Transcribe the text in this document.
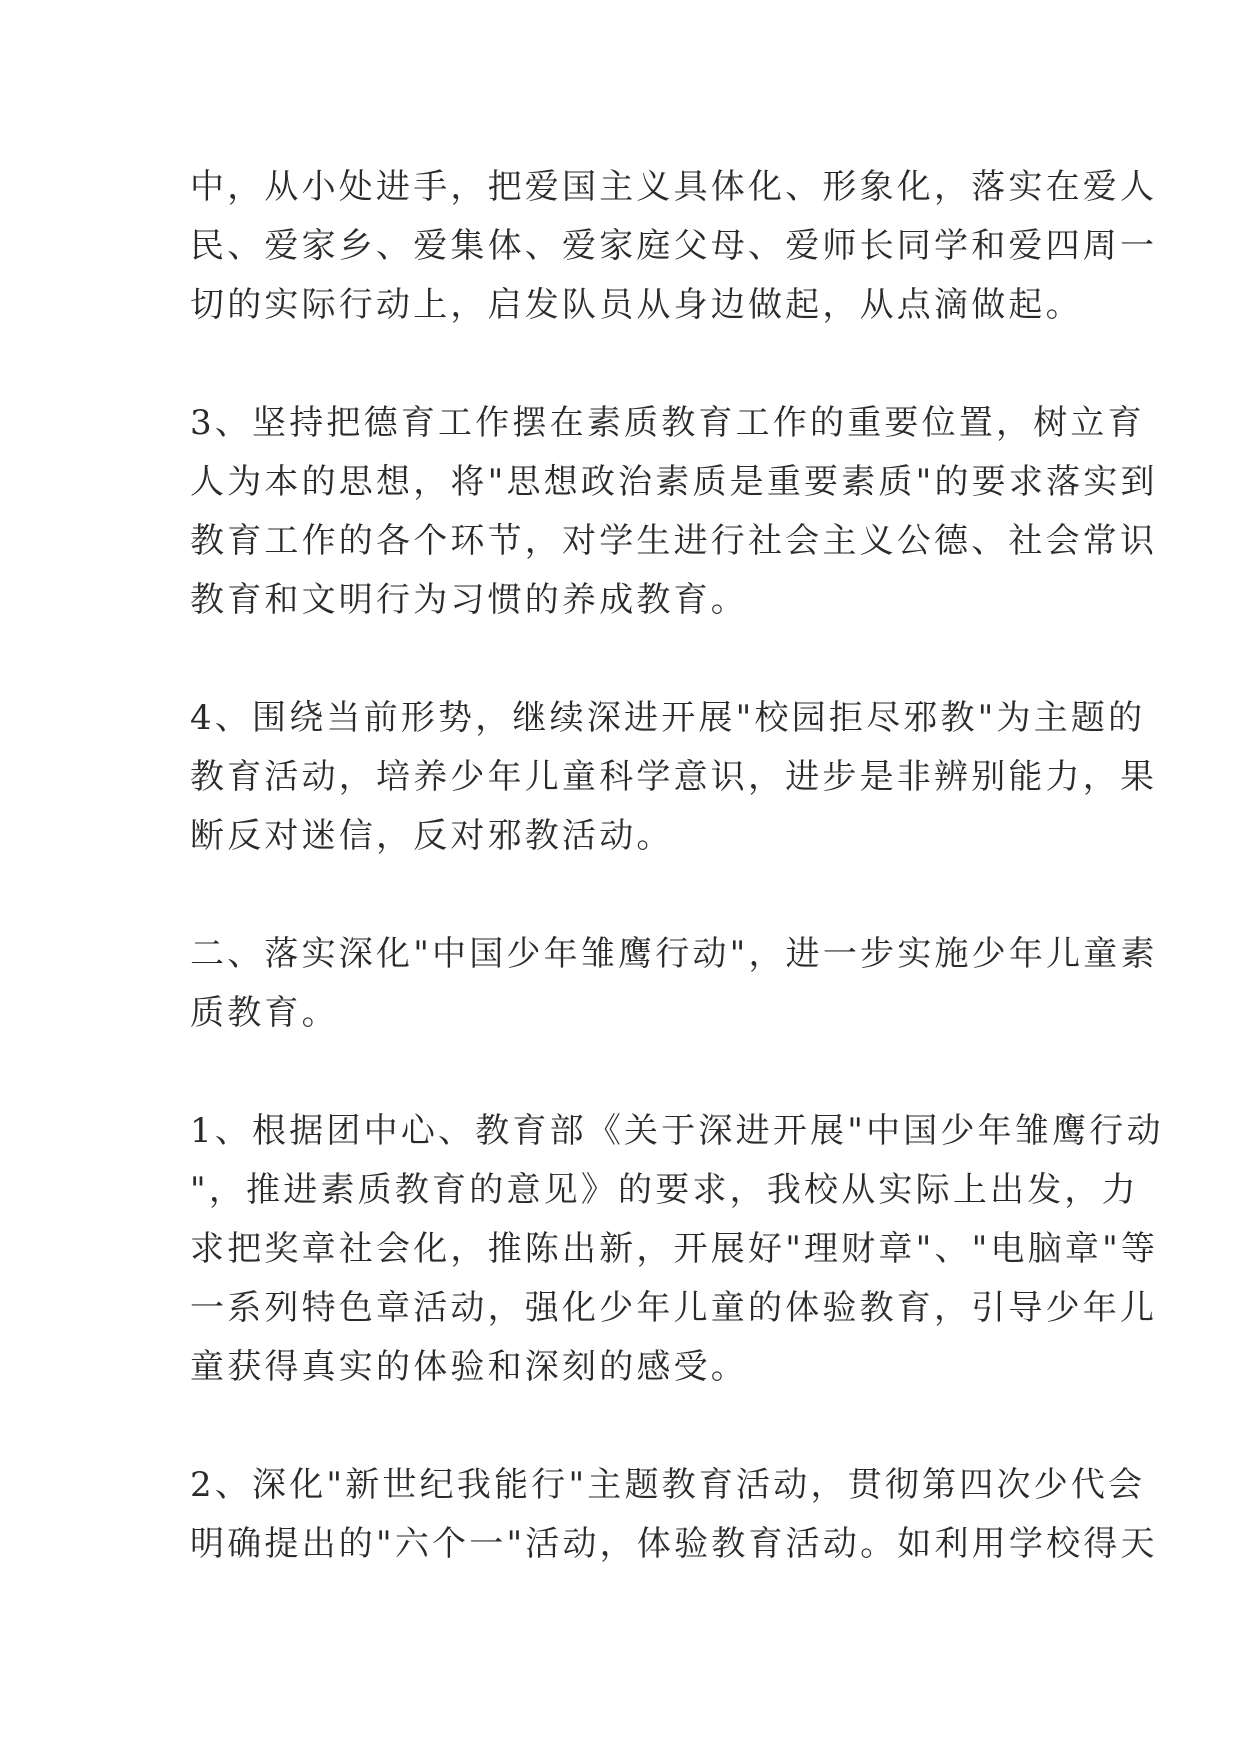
中，从小处进手，把爱国主义具体化、形象化，落实在爱人
民、爱家乡、爱集体、爱家庭父母、爱师长同学和爱四周一
切的实际行动上，启发队员从身边做起，从点滴做起。
3、坚持把德育工作摆在素质教育工作的重要位置，树立育
人为本的思想，将"思想政治素质是重要素质"的要求落实到
教育工作的各个环节，对学生进行社会主义公德、社会常识
教育和文明行为习惯的养成教育。
4、围绕当前形势，继续深进开展"校园拒尽邪教"为主题的
教育活动，培养少年儿童科学意识，进步是非辨别能力，果
断反对迷信，反对邪教活动。
二、落实深化"中国少年雏鹰行动"，进一步实施少年儿童素
质教育。
1、根据团中心、教育部《关于深进开展"中国少年雏鹰行动
"，推进素质教育的意见》的要求，我校从实际上出发，力
求把奖章社会化，推陈出新，开展好"理财章"、"电脑章"等
一系列特色章活动，强化少年儿童的体验教育，引导少年儿
童获得真实的体验和深刻的感受。
2、深化"新世纪我能行"主题教育活动，贯彻第四次少代会
明确提出的"六个一"活动，体验教育活动。如利用学校得天
